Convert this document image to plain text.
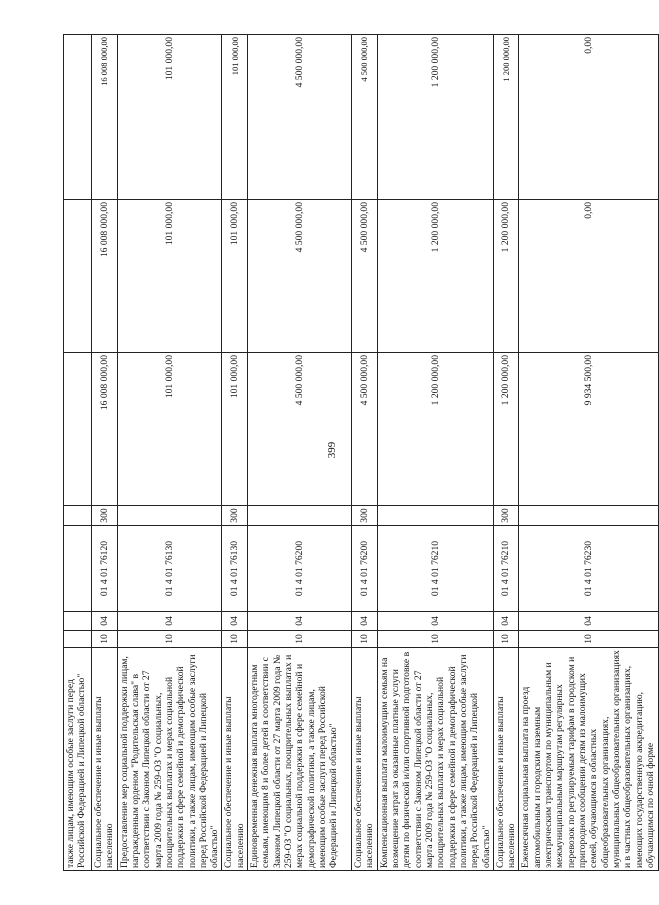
399
также лицам, имеющим особые заслуги перед Российской Федерацией и Липецкой областью"							
Социальное обеспечение и иные выплаты населению	10	04	01 4 01 76120	300	16 008 000,00	16 008 000,00	16 008 000,00
Предоставление мер социальной поддержки лицам, награжденным орденом "Родительская слава" в соответствии с Законом Липецкой области от 27 марта 2009 года № 259-ОЗ "О социальных, поощрительных выплатах и мерах социальной поддержки в сфере семейной и демографической политики, а также лицам, имеющим особые заслуги перед Российской Федерацией и Липецкой областью"	10	04	01 4 01 76130		101 000,00	101 000,00	101 000,00
Социальное обеспечение и иные выплаты населению	10	04	01 4 01 76130	300	101 000,00	101 000,00	101 000,00
Единовременная денежная выплата многодетным семьям, имеющим 8 и более детей в соответствии с Законом Липецкой области от 27 марта 2009 года № 259-ОЗ "О социальных, поощрительных выплатах и мерах социальной поддержки в сфере семейной и демографической политики, а также лицам, имеющим особые заслуги перед Российской Федерацией и Липецкой областью"	10	04	01 4 01 76200		4 500 000,00	4 500 000,00	4 500 000,00
Социальное обеспечение и иные выплаты населению	10	04	01 4 01 76200	300	4 500 000,00	4 500 000,00	4 500 000,00
Компенсационная выплата малоимущим семьям на возмещение затрат за оказанные платные услуги детям по физической и/или спортивной подготовке в соответствии с Законом Липецкой области от 27 марта 2009 года № 259-ОЗ "О социальных, поощрительных выплатах и мерах социальной поддержки в сфере семейной и демографической политики, а также лицам, имеющим особые заслуги перед Российской Федерацией и Липецкой областью"	10	04	01 4 01 76210		1 200 000,00	1 200 000,00	1 200 000,00
Социальное обеспечение и иные выплаты населению	10	04	01 4 01 76210	300	1 200 000,00	1 200 000,00	1 200 000,00
Ежемесячная социальная выплата на проезд автомобильным и городским наземным электрическим транспортом по муниципальным и межмуниципальным маршрутам регулярных перевозок по регулируемым тарифам в городском и пригородном сообщении детям из малоимущих семей, обучающимся в областных общеобразовательных организациях, муниципальных общеобразовательных организациях и в частных общеобразовательных организациях, имеющих государственную аккредитацию, обучающимся по очной форме	10	04	01 4 01 76230		9 934 500,00	0,00	0,00
